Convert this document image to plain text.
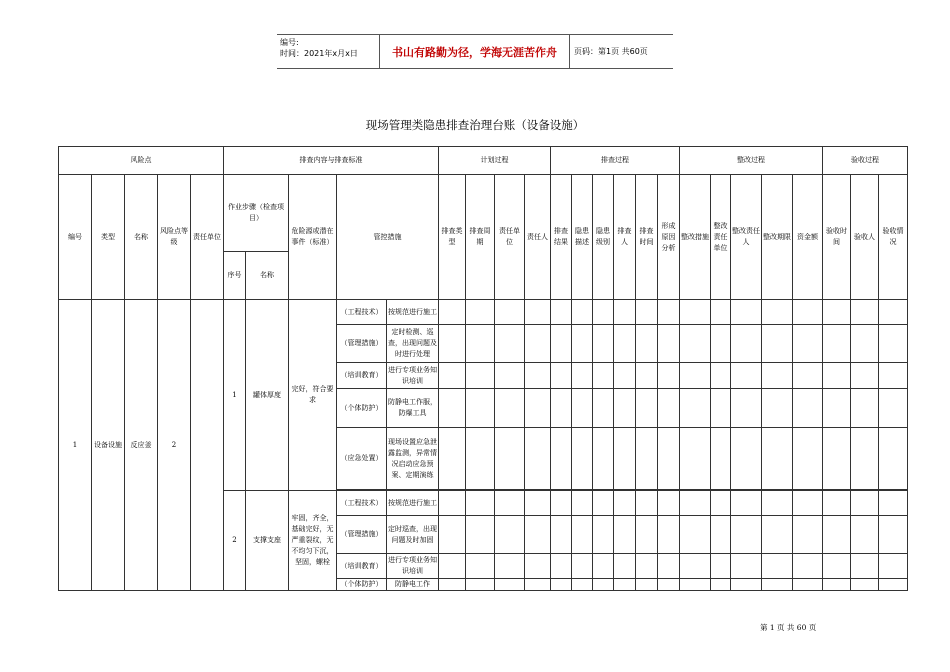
编号:
时间：2021年x月x日	书山有路勤为径，学海无涯苦作舟	页码：第1页 共60页
现场管理类隐患排查治理台账（设备设施）
风险点					排查内容与排查标准					计划过程				排查过程						整改过程					验收过程		
编号	类型	名称	风险点等级	责任单位	作业步骤（检查项目）		危险源或潜在事件（标准）	管控措施		排查类型	排查周期	责任单位	责任人	排查结果	隐患描述	隐患级别	排查人	排查时间	形成原因分析	整改措施	整改责任单位	整改责任人	整改期限	资金额	验收时间	验收人	验收情况
					序号	名称																					
1	设备设施	反应釜	2		1	罐体厚度	完好，符合要求	（工程技术）	按规范进行施工																		
								（管理措施）	定时检测、巡查，出现问题及时进行处理																		
								（培训教育）	进行专项业务知识培训																		
								（个体防护）	防静电工作服，防爆工具																		
								（应急处置）	现场设置应急泄露监测，异常情况启动应急预案、定期演练																		

					2	支撑支座	牢固，齐全，基础完好，无严重裂纹，无不均匀下沉，坚固，螺栓	（工程技术）	按规范进行施工																		
								（管理措施）	定时巡查，出现问题及时加固																		
								（培训教育）	进行专项业务知识培训																		
								（个体防护）	防静电工作																		
第 1 页 共 60 页
